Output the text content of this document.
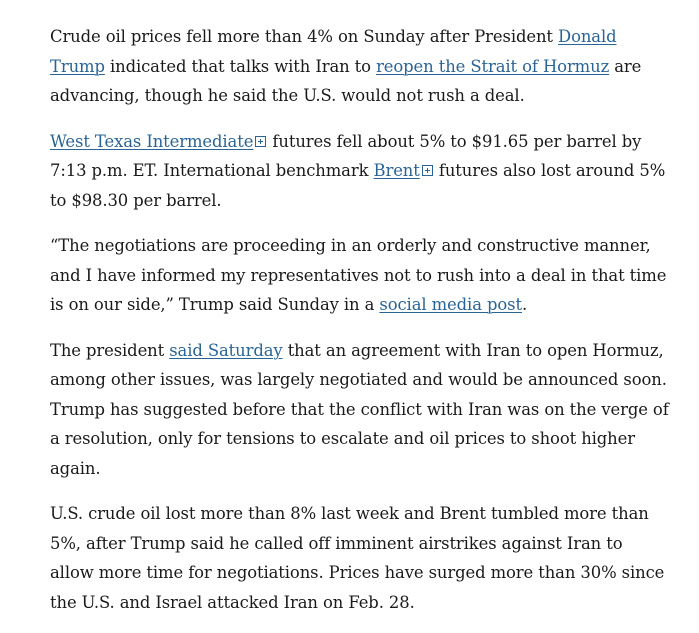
Crude oil prices fell more than 4% on Sunday after President Donald Trump indicated that talks with Iran to reopen the Strait of Hormuz are advancing, though he said the U.S. would not rush a deal.

West Texas Intermediate futures fell about 5% to $91.65 per barrel by 7:13 p.m. ET. International benchmark Brent futures also lost around 5% to $98.30 per barrel.

“The negotiations are proceeding in an orderly and constructive manner, and I have informed my representatives not to rush into a deal in that time is on our side,” Trump said Sunday in a social media post.

The president said Saturday that an agreement with Iran to open Hormuz, among other issues, was largely negotiated and would be announced soon. Trump has suggested before that the conflict with Iran was on the verge of a resolution, only for tensions to escalate and oil prices to shoot higher again.

U.S. crude oil lost more than 8% last week and Brent tumbled more than 5%, after Trump said he called off imminent airstrikes against Iran to allow more time for negotiations. Prices have surged more than 30% since the U.S. and Israel attacked Iran on Feb. 28.
